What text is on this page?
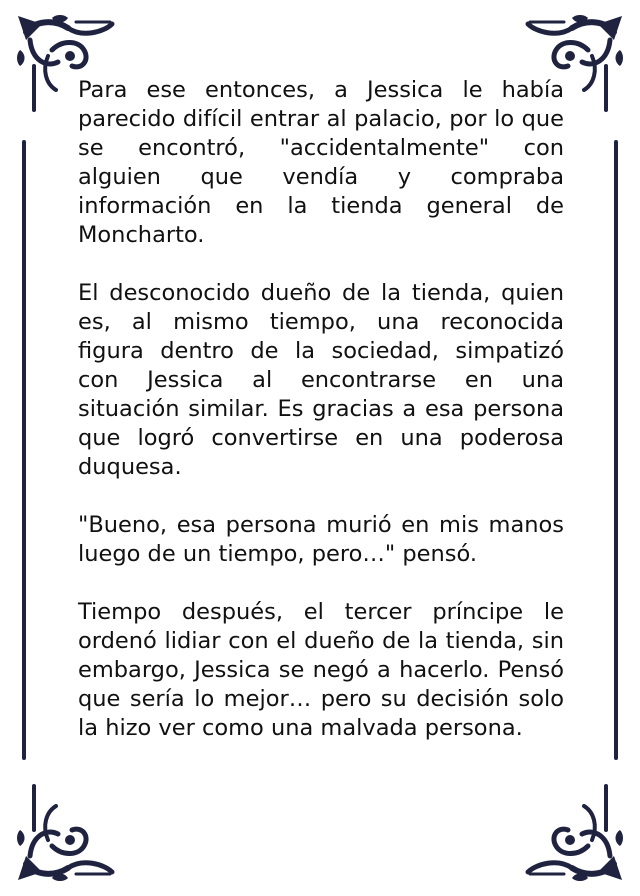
Para ese entonces, a Jessica le había parecido difícil entrar al palacio, por lo que se encontró, "accidentalmente" con alguien que vendía y compraba información en la tienda general de Moncharto.

El desconocido dueño de la tienda, quien es, al mismo tiempo, una reconocida figura dentro de la sociedad, simpatizó con Jessica al encontrarse en una situación similar. Es gracias a esa persona que logró convertirse en una poderosa duquesa.

"Bueno, esa persona murió en mis manos luego de un tiempo, pero…" pensó.

Tiempo después, el tercer príncipe le ordenó lidiar con el dueño de la tienda, sin embargo, Jessica se negó a hacerlo. Pensó que sería lo mejor… pero su decisión solo la hizo ver como una malvada persona.
